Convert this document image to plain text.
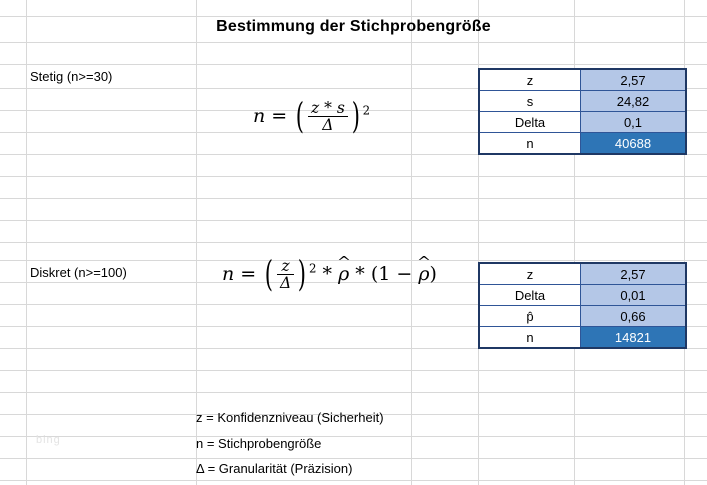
Bestimmung der Stichprobengröße
Stetig (n>=30)
Diskret (n>=100)
n = ( $\frac{z * s}{\Delta}$ ) $^2$
n = ( $\frac{z}{\Delta}$ ) $^2$ * ρ ^ * (1 − ρ ^)
z	2,57
s	24,82
Delta	0,1
n	40688
z	2,57
Delta	0,01
p̂	0,66
n	14821
z = Konfidenzniveau (Sicherheit)
n = Stichprobengröße
Δ = Granularität (Präzision)
bing
